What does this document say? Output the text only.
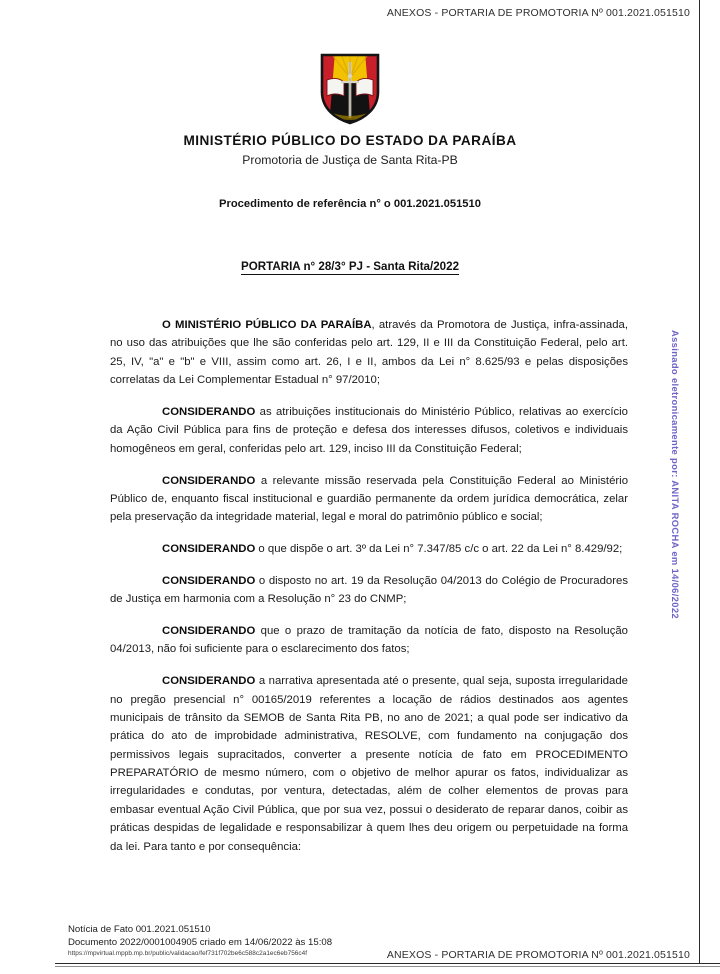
ANEXOS - PORTARIA DE PROMOTORIA Nº 001.2021.051510
MINISTÉRIO PÚBLICO DO ESTADO DA PARAÍBA
Promotoria de Justiça de Santa Rita-PB
Procedimento de referência n° o 001.2021.051510
PORTARIA n° 28/3° PJ - Santa Rita/2022

O MINISTÉRIO PÚBLICO DA PARAÍBA, através da Promotora de Justiça, infra-assinada, no uso das atribuições que lhe são conferidas pelo art. 129, II e III da Constituição Federal, pelo art. 25, IV, "a" e "b" e VIII, assim como art. 26, I e II, ambos da Lei n° 8.625/93 e pelas disposições correlatas da Lei Complementar Estadual n° 97/2010;

CONSIDERANDO as atribuições institucionais do Ministério Público, relativas ao exercício da Ação Civil Pública para fins de proteção e defesa dos interesses difusos, coletivos e individuais homogêneos em geral, conferidas pelo art. 129, inciso III da Constituição Federal;

CONSIDERANDO a relevante missão reservada pela Constituição Federal ao Ministério Público de, enquanto fiscal institucional e guardião permanente da ordem jurídica democrática, zelar pela preservação da integridade material, legal e moral do patrimônio público e social;

CONSIDERANDO o que dispõe o art. 3º da Lei n° 7.347/85 c/c o art. 22 da Lei n° 8.429/92;

CONSIDERANDO o disposto no art. 19 da Resolução 04/2013 do Colégio de Procuradores de Justiça em harmonia com a Resolução n° 23 do CNMP;

CONSIDERANDO que o prazo de tramitação da notícia de fato, disposto na Resolução 04/2013, não foi suficiente para o esclarecimento dos fatos;

CONSIDERANDO a narrativa apresentada até o presente, qual seja, suposta irregularidade no pregão presencial n° 00165/2019 referentes a locação de rádios destinados aos agentes municipais de trânsito da SEMOB de Santa Rita PB, no ano de 2021; a qual pode ser indicativo da prática do ato de improbidade administrativa, RESOLVE, com fundamento na conjugação dos permissivos legais supracitados, converter a presente notícia de fato em PROCEDIMENTO PREPARATÓRIO de mesmo número, com o objetivo de melhor apurar os fatos, individualizar as irregularidades e condutas, por ventura, detectadas, além de colher elementos de provas para embasar eventual Ação Civil Pública, que por sua vez, possui o desiderato de reparar danos, coibir as práticas despidas de legalidade e responsabilizar à quem lhes deu origem ou perpetuidade na forma da lei. Para tanto e por consequência:

Assinado eletronicamente por: ANITA ROCHA em 14/06/2022
Notícia de Fato 001.2021.051510
Documento 2022/0001004905 criado em 14/06/2022 às 15:08
https://mpvirtual.mppb.mp.br/public/validacao/fef731f702be6c588c2a1ec6eb756c4f	ANEXOS - PORTARIA DE PROMOTORIA Nº 001.2021.051510
